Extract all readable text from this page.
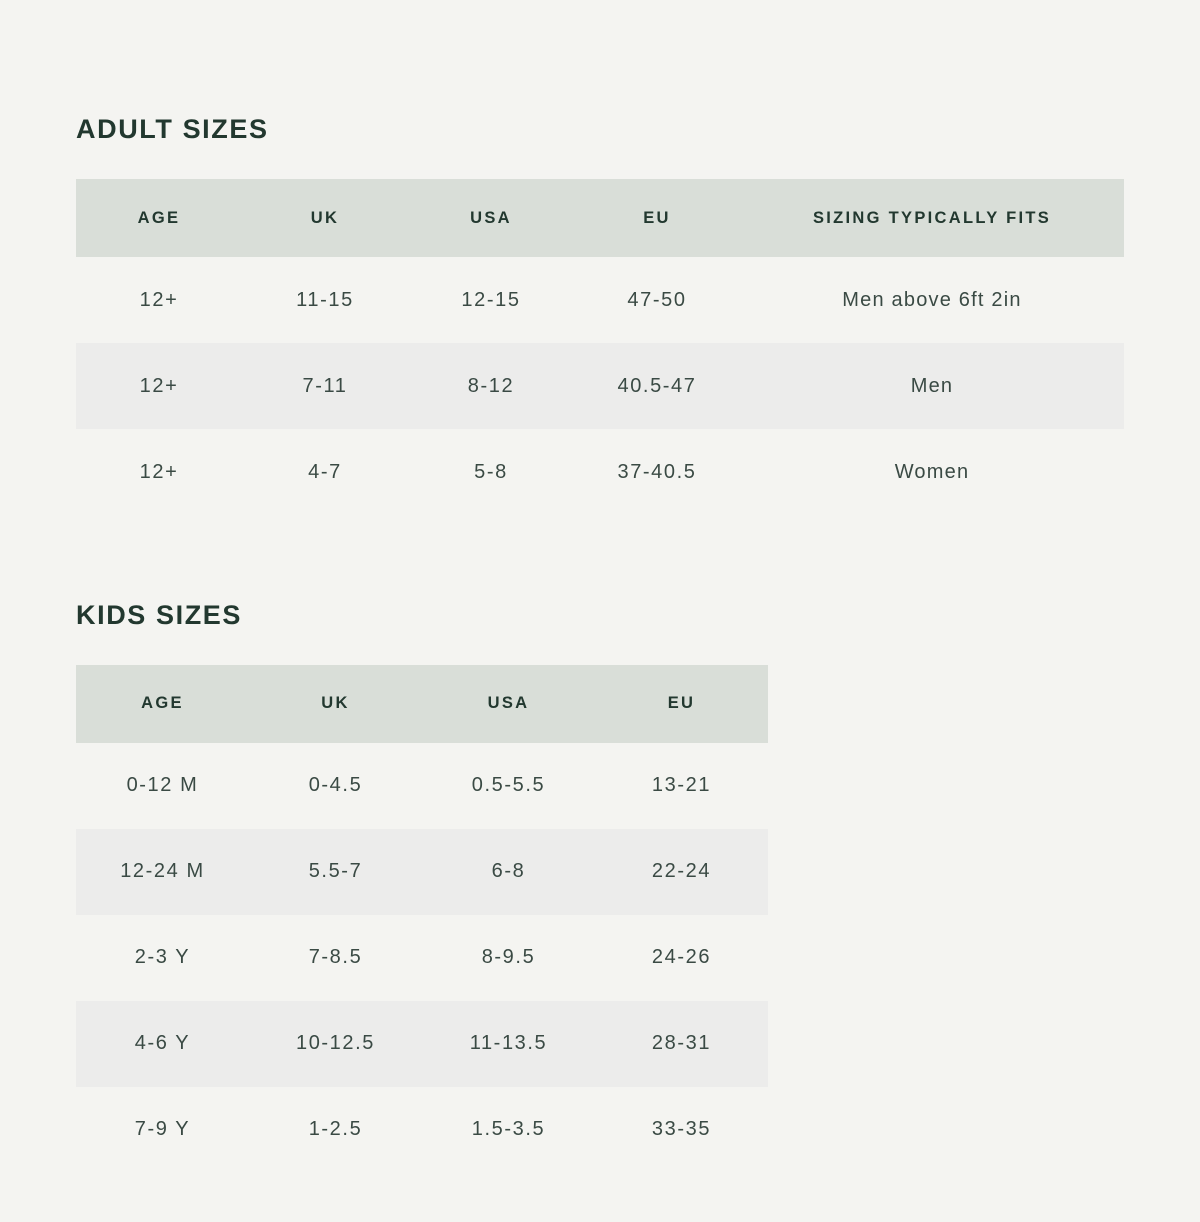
ADULT SIZES
AGE	UK	USA	EU	SIZING TYPICALLY FITS
12+	11-15	12-15	47-50	Men above 6ft 2in
12+	7-11	8-12	40.5-47	Men
12+	4-7	5-8	37-40.5	Women
KIDS SIZES
AGE	UK	USA	EU
0-12 M	0-4.5	0.5-5.5	13-21
12-24 M	5.5-7	6-8	22-24
2-3 Y	7-8.5	8-9.5	24-26
4-6 Y	10-12.5	11-13.5	28-31
7-9 Y	1-2.5	1.5-3.5	33-35
